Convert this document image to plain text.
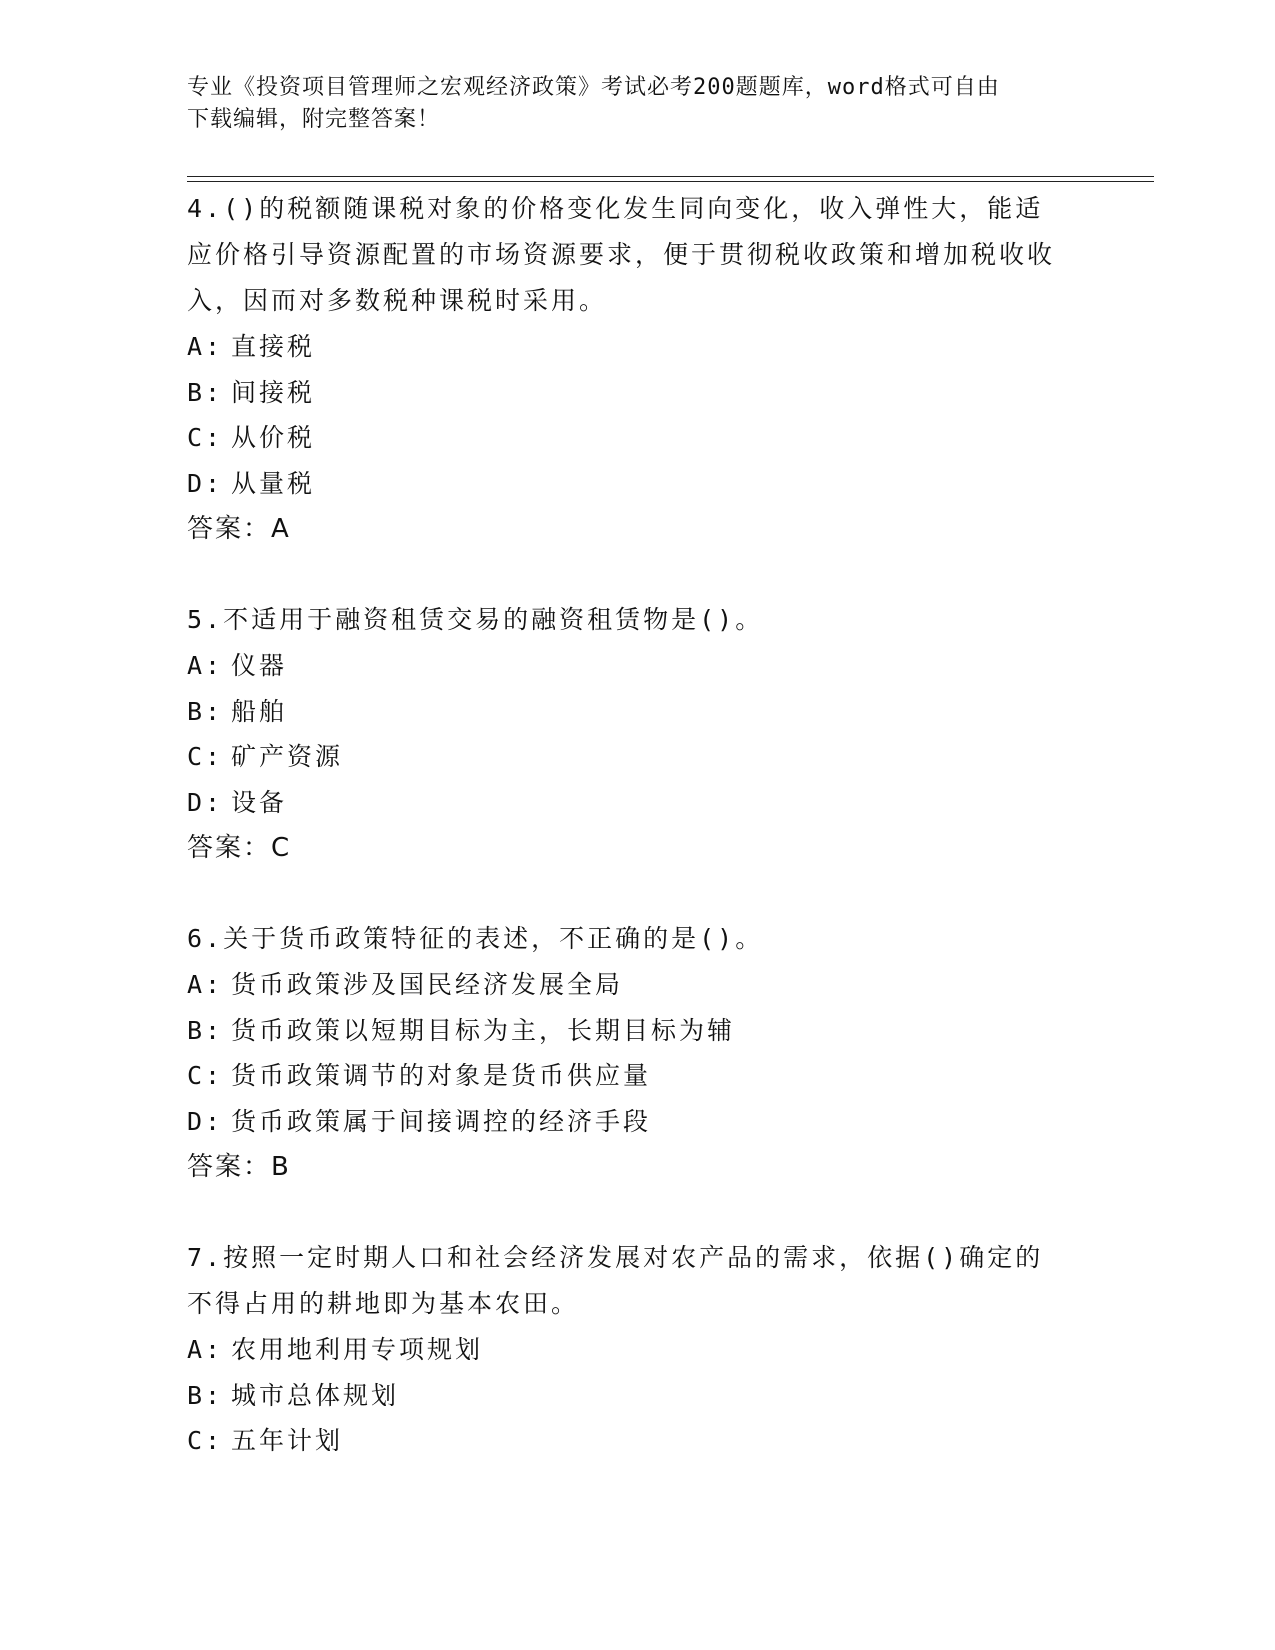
专业《投资项目管理师之宏观经济政策》考试必考200题题库，word格式可自由
下载编辑，附完整答案！

4.()的税额随课税对象的价格变化发生同向变化，收入弹性大，能适应价格引导资源配置的市场资源要求，便于贯彻税收政策和增加税收收入，因而对多数税种课税时采用。

A: 直接税
B: 间接税
C: 从价税
D: 从量税
答案：A

5.不适用于融资租赁交易的融资租赁物是()。

A: 仪器
B: 船舶
C: 矿产资源
D: 设备
答案：C

6.关于货币政策特征的表述，不正确的是()。

A: 货币政策涉及国民经济发展全局
B: 货币政策以短期目标为主，长期目标为辅
C: 货币政策调节的对象是货币供应量
D: 货币政策属于间接调控的经济手段
答案：B

7.按照一定时期人口和社会经济发展对农产品的需求，依据()确定的不得占用的耕地即为基本农田。

A: 农用地利用专项规划
B: 城市总体规划
C: 五年计划
